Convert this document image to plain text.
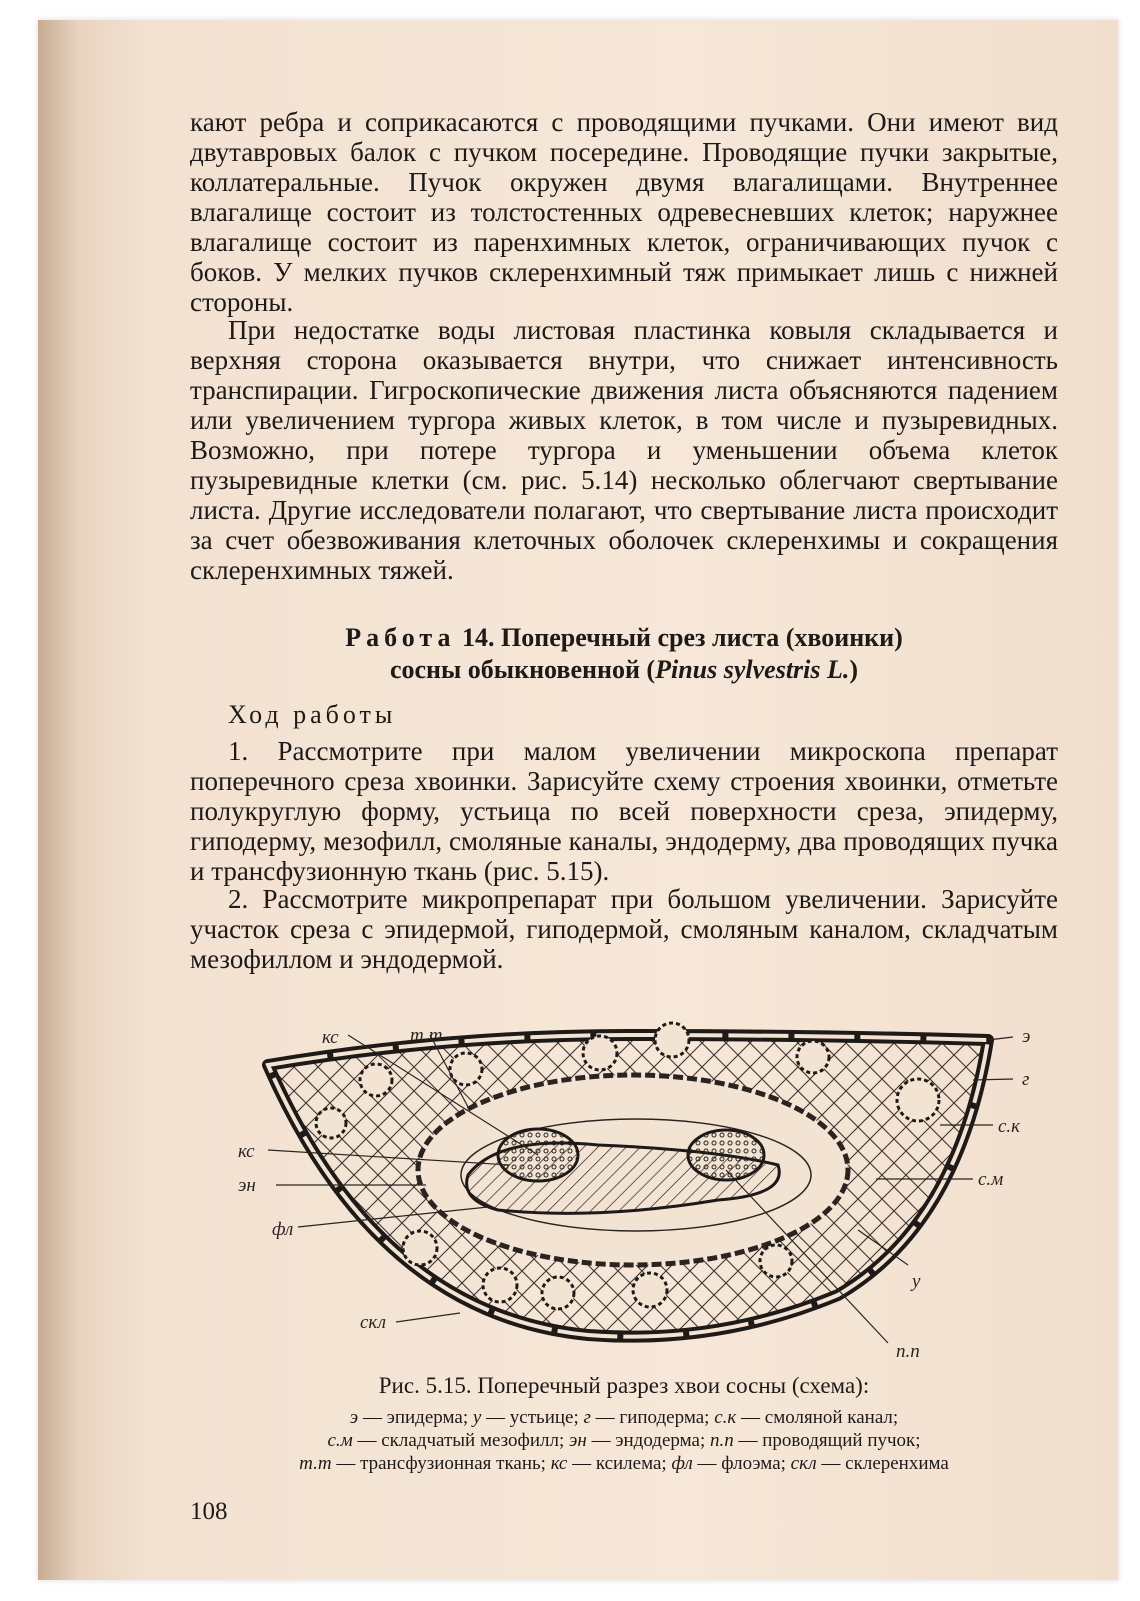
кают ребра и соприкасаются с проводящими пучками. Они имеют вид двутавровых балок с пучком посередине. Проводящие пучки закрытые, коллатеральные. Пучок окружен двумя влагалищами. Внутреннее влагалище состоит из толстостенных одревесневших клеток; наружнее влагалище состоит из паренхимных клеток, ограничивающих пучок с боков. У мелких пучков склеренхимный тяж примыкает лишь с нижней стороны.

При недостатке воды листовая пластинка ковыля складывается и верхняя сторона оказывается внутри, что снижает интенсивность транспирации. Гигроскопические движения листа объясняются падением или увеличением тургора живых клеток, в том числе и пузыревидных. Возможно, при потере тургора и уменьшении объема клеток пузыревидные клетки (см. рис. 5.14) несколько облегчают свертывание листа. Другие исследователи полагают, что свертывание листа происходит за счет обезвоживания клеточных оболочек склеренхимы и сокращения склеренхимных тяжей.

Работа 14. Поперечный срез листа (хвоинки)
сосны обыкновенной (Pinus sylvestris L.)
Ход работы

1. Рассмотрите при малом увеличении микроскопа препарат поперечного среза хвоинки. Зарисуйте схему строения хвоинки, отметьте полукруглую форму, устьица по всей поверхности среза, эпидерму, гиподерму, мезофилл, смоляные каналы, эндодерму, два проводящих пучка и трансфузионную ткань (рис. 5.15).

2. Рассмотрите микропрепарат при большом увеличении. Зарисуйте участок среза с эпидермой, гиподермой, смоляным каналом, складчатым мезофиллом и эндодермой.

кс	т.т	э
г
с.к
кс
эн	с.м
фл
у
скл
п.п
Рис. 5.15. Поперечный разрез хвои сосны (схема):
э — эпидерма; у — устьице; г — гиподерма; с.к — смоляной канал;
с.м — складчатый мезофилл; эн — эндодерма; п.п — проводящий пучок;
т.т — трансфузионная ткань; кс — ксилема; фл — флоэма; скл — склеренхима
108
